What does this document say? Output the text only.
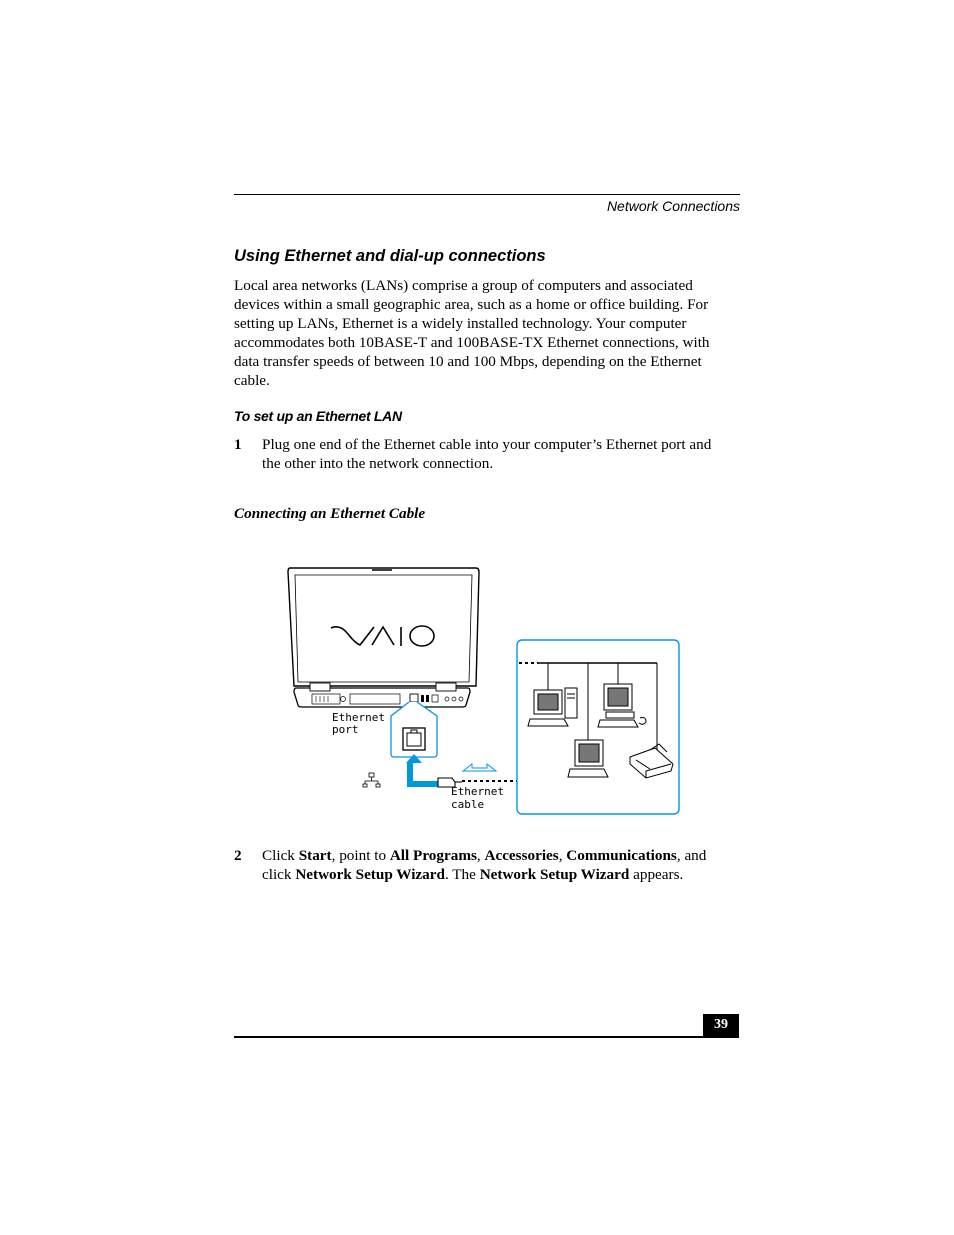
Network Connections
Using Ethernet and dial-up connections
Local area networks (LANs) comprise a group of computers and associated
devices within a small geographic area, such as a home or office building. For
setting up LANs, Ethernet is a widely installed technology. Your computer
accommodates both 10BASE-T and 100BASE-TX Ethernet connections, with
data transfer speeds of between 10 and 100 Mbps, depending on the Ethernet
cable.
To set up an Ethernet LAN
1 Plug one end of the Ethernet cable into your computer’s Ethernet port and
the other into the network connection.
Connecting an Ethernet Cable
Ethernet
port
Ethernet
cable
2 Click Start, point to All Programs, Accessories, Communications, and
click Network Setup Wizard. The Network Setup Wizard appears.
39
